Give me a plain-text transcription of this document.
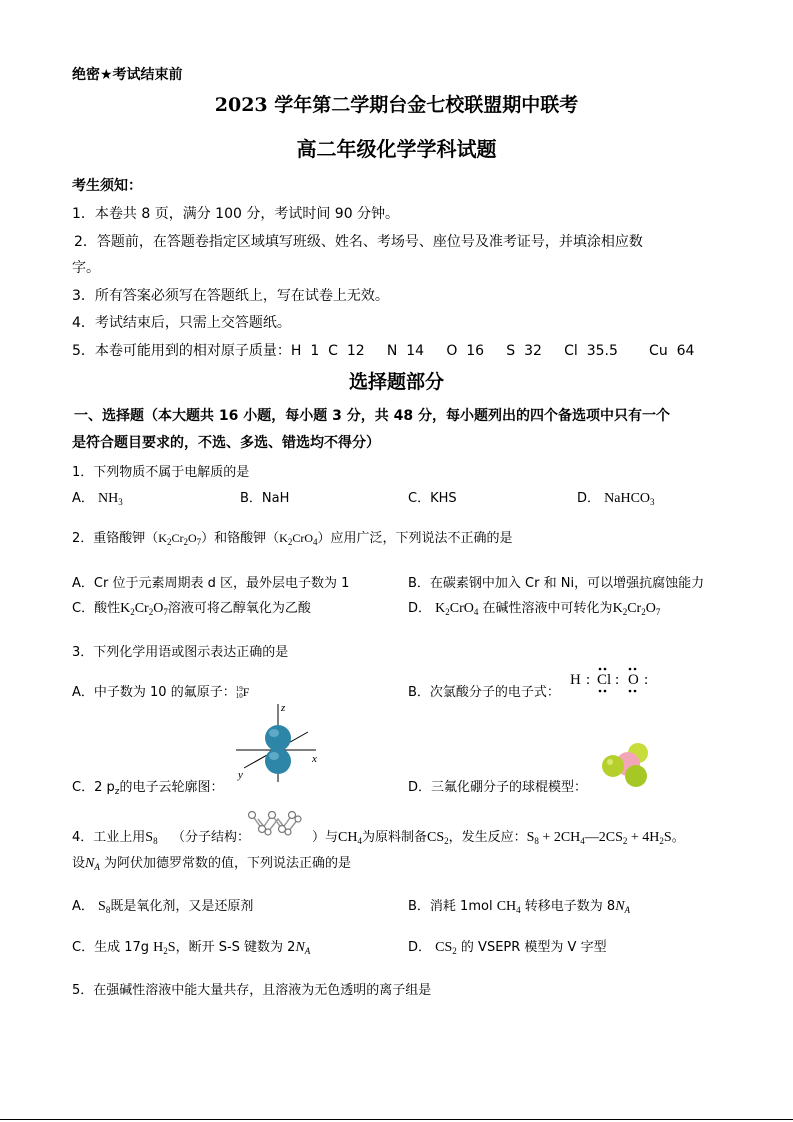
绝密★考试结束前
2023 学年第二学期台金七校联盟期中联考
高二年级化学学科试题
考生须知：
1．本卷共 8 页，满分 100 分，考试时间 90 分钟。
2．答题前，在答题卷指定区域填写班级、姓名、考场号、座位号及准考证号，并填涂相应数
字。
3．所有答案必须写在答题纸上，写在试卷上无效。
4．考试结束后，只需上交答题纸。
5．本卷可能用到的相对原子质量：H  1  C  12     N  14     O  16     S  32     Cl  35.5       Cu  64
选择题部分
一、选择题（本大题共 16 小题，每小题 3 分，共 48 分，每小题列出的四个备选项中只有一个
是符合题目要求的，不选、多选、错选均不得分）
1．下列物质不属于电解质的是
A． $NH_3$	B．NaH	C．KHS	D． NaHCO$_3$
2．重铬酸钾$(K_2Cr_2O_7)$和铬酸钾$(K_2CrO_4)$应用广泛，下列说法不正确的是
A．Cr 位于元素周期表 d 区，最外层电子数为 1	B．在碳素钢中加入 Cr 和 Ni，可以增强抗腐蚀能力
C．酸性$K_2Cr_2O_7$溶液可将乙醇氧化为乙酸	D． $K_2CrO_4$ 在碱性溶液中可转化为$K_2Cr_2O_7$
3．下列化学用语或图示表达正确的是
A．中子数为 10 的氟原子：19
10F	B．次氯酸分子的电子式：
H : Cl : O :
z
x
y
C．2 $p_z$的电子云轮廓图：	D．三氟化硼分子的球棍模型：
4．工业上用$S_8$ （分子结构：	）与$CH_4$为原料制备$CS_2$，发生反应：$S_8$ + $2CH_4—2CS_2 + 4H_2S$。
设$N_A$ 为阿伏加德罗常数的值，下列说法正确的是
A． $S_8$既是氧化剂，又是还原剂	B．消耗 1mol $CH_4$ 转移电子数为 $8N_A$
C．生成 17g $H_2S$，断开 S-S 键数为 $2N_A$	D． $CS_2$ 的 VSEPR 模型为 V 字型
5．在强碱性溶液中能大量共存，且溶液为无色透明的离子组是
